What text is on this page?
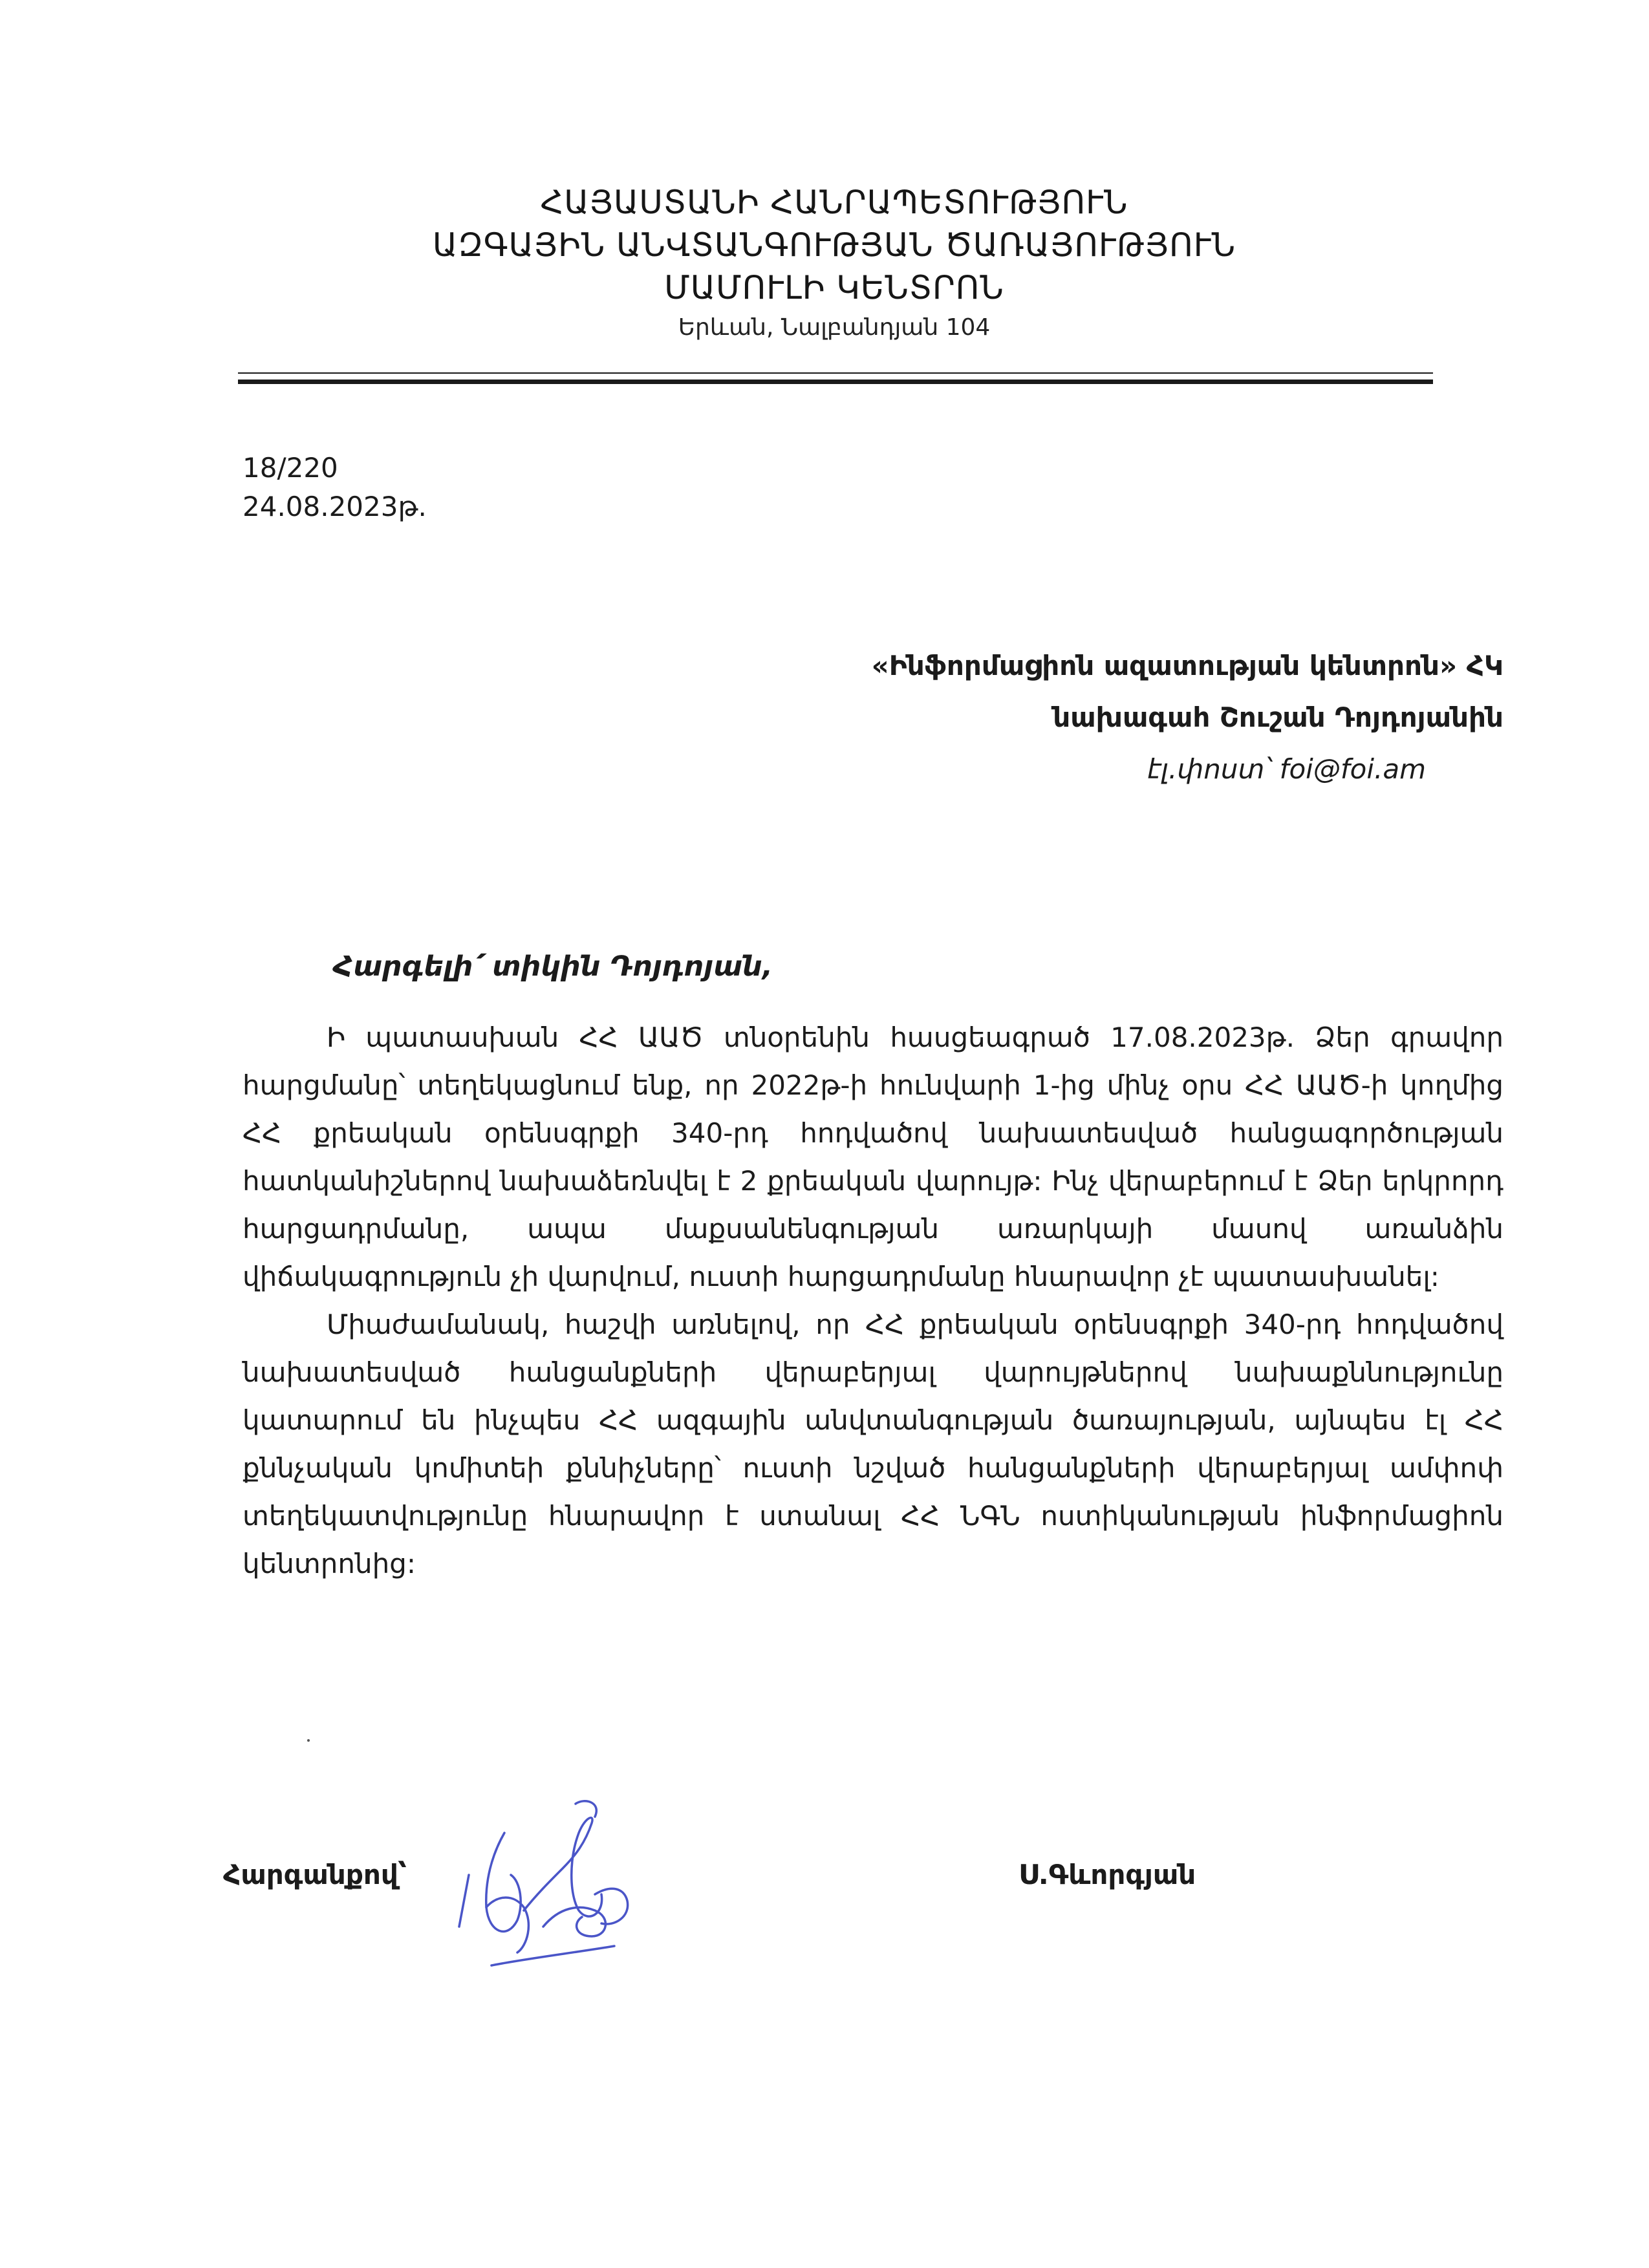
ՀԱՅԱՍՏԱՆԻ ՀԱՆՐԱՊԵՏՈՒԹՅՈՒՆ
ԱԶԳԱՅԻՆ ԱՆՎՏԱՆԳՈՒԹՅԱՆ ԾԱՌԱՅՈՒԹՅՈՒՆ
ՄԱՄՈՒԼԻ ԿԵՆՏՐՈՆ
Երևան, Նալբանդյան 104
18/220
24.08.2023թ.
«Ինֆորմացիոն ազատության կենտրոն» ՀԿ
նախագահ Շուշան Դոյդոյանին
էլ.փոստ՝ foi@foi.am
Հարգելի՛ տիկին Դոյդոյան,

Ի պատասխան ՀՀ ԱԱԾ տնօրենին հասցեագրած 17.08.2023թ. Ձեր գրավոր հարցմանը՝ տեղեկացնում ենք, որ 2022թ-ի հունվարի 1-ից մինչ օրս ՀՀ ԱԱԾ-ի կողմից ՀՀ քրեական օրենսգրքի 340-րդ հոդվածով նախատեսված հանցագործության հատկանիշներով նախաձեռնվել է 2 քրեական վարույթ: Ինչ վերաբերում է Ձեր երկրորդ հարցադրմանը, ապա մաքսանենգության առարկայի մասով առանձին վիճակագրություն չի վարվում, ուստի հարցադրմանը հնարավոր չէ պատասխանել:

Միաժամանակ, հաշվի առնելով, որ ՀՀ քրեական օրենսգրքի 340-րդ հոդվածով նախատեսված հանցանքների վերաբերյալ վարույթներով նախաքննությունը կատարում են ինչպես ՀՀ ազգային անվտանգության ծառայության, այնպես էլ ՀՀ քննչական կոմիտեի քննիչները՝ ուստի նշված հանցանքների վերաբերյալ ամփոփ տեղեկատվությունը հնարավոր է ստանալ ՀՀ ՆԳՆ ոստիկանության ինֆորմացիոն կենտրոնից:

Հարգանքով՝	Ս.Գևորգյան
